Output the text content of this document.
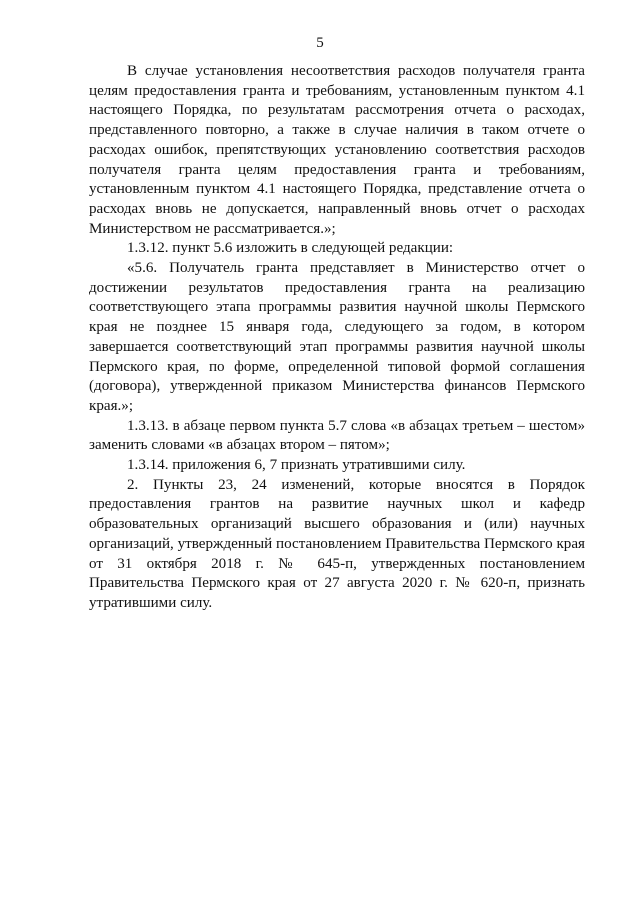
5

В случае установления несоответствия расходов получателя гранта целям предоставления гранта и требованиям, установленным пунктом 4.1 настоящего Порядка, по результатам рассмотрения отчета о расходах, представленного повторно, а также в случае наличия в таком отчете о расходах ошибок, препятствующих установлению соответствия расходов получателя гранта целям предоставления гранта и требованиям, установленным пунктом 4.1 настоящего Порядка, представление отчета о расходах вновь не допускается, направленный вновь отчет о расходах Министерством не рассматривается.»;

1.3.12. пункт 5.6 изложить в следующей редакции:

«5.6. Получатель гранта представляет в Министерство отчет о достижении результатов предоставления гранта на реализацию соответствующего этапа программы развития научной школы Пермского края не позднее 15 января года, следующего за годом, в котором завершается соответствующий этап программы развития научной школы Пермского края, по форме, определенной типовой формой соглашения (договора), утвержденной приказом Министерства финансов Пермского края.»;

1.3.13. в абзаце первом пункта 5.7 слова «в абзацах третьем – шестом» заменить словами «в абзацах втором – пятом»;

1.3.14. приложения 6, 7 признать утратившими силу.

2. Пункты 23, 24 изменений, которые вносятся в Порядок предоставления грантов на развитие научных школ и кафедр образовательных организаций высшего образования и (или) научных организаций, утвержденный постановлением Правительства Пермского края от 31 октября 2018 г. № 645-п, утвержденных постановлением Правительства Пермского края от 27 августа 2020 г. № 620-п, признать утратившими силу.
